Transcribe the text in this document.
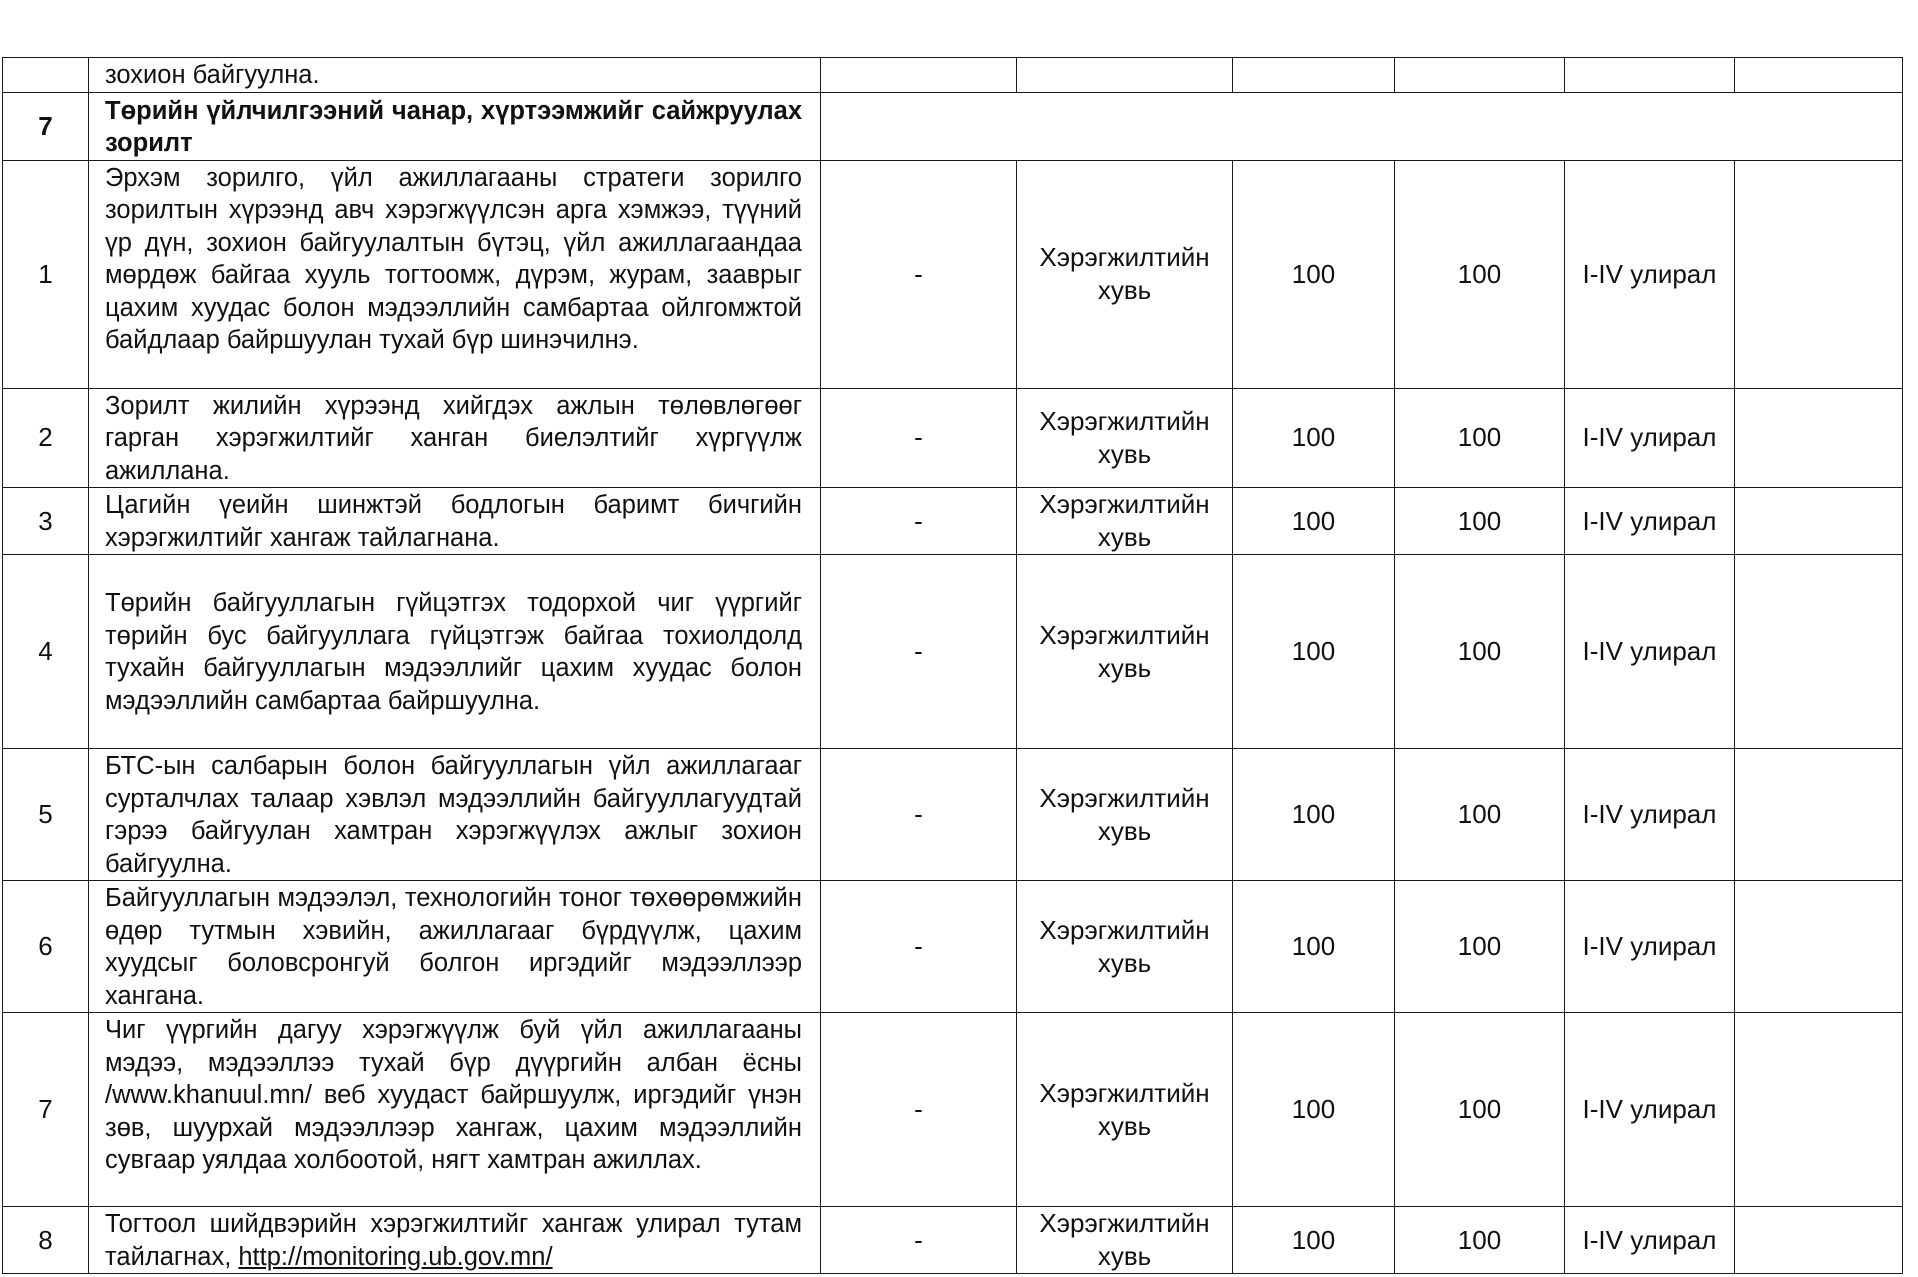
	зохион байгуулна.						
7	Төрийн үйлчилгээний чанар, хүртээмжийг сайжруулах зорилт						
1	Эрхэм зорилго, үйл ажиллагааны стратеги зорилго зорилтын хүрээнд авч хэрэгжүүлсэн арга хэмжээ, түүний үр дүн, зохион байгуулалтын бүтэц, үйл ажиллагаандаа мөрдөж байгаа хууль тогтоомж, дүрэм, журам, зааврыг цахим хуудас болон мэдээллийн самбартаа ойлгомжтой байдлаар байршуулан тухай бүр шинэчилнэ.	-	Хэрэгжилтийн хувь	100	100	I-IV улирал	
2	Зорилт жилийн хүрээнд хийгдэх ажлын төлөвлөгөөг гарган хэрэгжилтийг ханган биелэлтийг хүргүүлж ажиллана.	-	Хэрэгжилтийн хувь	100	100	I-IV улирал	
3	Цагийн үеийн шинжтэй бодлогын баримт бичгийн хэрэгжилтийг хангаж тайлагнана.	-	Хэрэгжилтийн хувь	100	100	I-IV улирал	
4	Төрийн байгууллагын гүйцэтгэх тодорхой чиг үүргийг төрийн бус байгууллага гүйцэтгэж байгаа тохиолдолд тухайн байгууллагын мэдээллийг цахим хуудас болон мэдээллийн самбартаа байршуулна.	-	Хэрэгжилтийн хувь	100	100	I-IV улирал	
5	БТС-ын салбарын болон байгууллагын үйл ажиллагааг сурталчлах талаар хэвлэл мэдээллийн байгууллагуудтай гэрээ байгуулан хамтран хэрэгжүүлэх ажлыг зохион байгуулна.	-	Хэрэгжилтийн хувь	100	100	I-IV улирал	
6	Байгууллагын мэдээлэл, технологийн тоног төхөөрөмжийн өдөр тутмын хэвийн, ажиллагааг бүрдүүлж, цахим хуудсыг боловсронгуй болгон иргэдийг мэдээллээр хангана.	-	Хэрэгжилтийн хувь	100	100	I-IV улирал	
7	Чиг үүргийн дагуу хэрэгжүүлж буй үйл ажиллагааны мэдээ, мэдээллээ тухай бүр дүүргийн албан ёсны /www.khanuul.mn/ веб хуудаст байршуулж, иргэдийг үнэн зөв, шуурхай мэдээллээр хангаж, цахим мэдээллийн сувгаар уялдаа холбоотой, нягт хамтран ажиллах.	-	Хэрэгжилтийн хувь	100	100	I-IV улирал	
8	Тогтоол шийдвэрийн хэрэгжилтийг хангаж улирал тутам тайлагнах, http://monitoring.ub.gov.mn/	-	Хэрэгжилтийн хувь	100	100	I-IV улирал	
